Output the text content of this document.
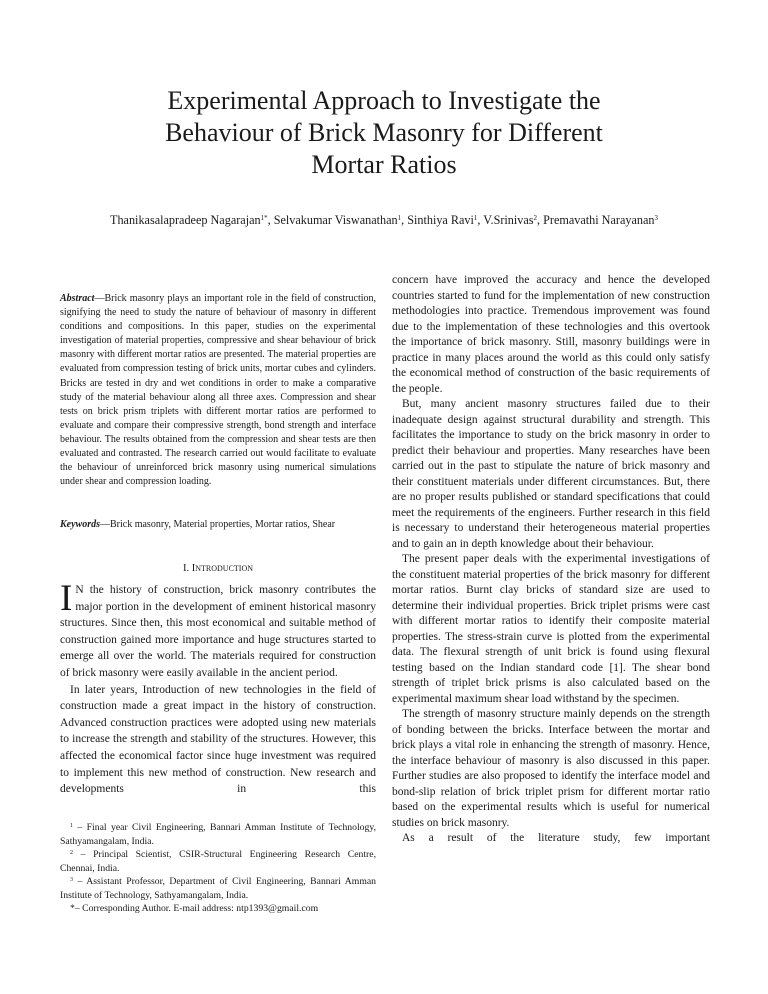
Experimental Approach to Investigate the
Behaviour of Brick Masonry for Different
Mortar Ratios
Thanikasalapradeep Nagarajan$^{1*}$, Selvakumar Viswanathan$^1$, Sinthiya Ravi$^1$, V.Srinivas$^2$, Premavathi Narayanan$^3$
Abstract—Brick masonry plays an important role in the field of construction, signifying the need to study the nature of behaviour of masonry in different conditions and compositions. In this paper, studies on the experimental investigation of material properties, compressive and shear behaviour of brick masonry with different mortar ratios are presented. The material properties are evaluated from compression testing of brick units, mortar cubes and cylinders. Bricks are tested in dry and wet conditions in order to make a comparative study of the material behaviour along all three axes. Compression and shear tests on brick prism triplets with different mortar ratios are performed to evaluate and compare their compressive strength, bond strength and interface behaviour. The results obtained from the compression and shear tests are then evaluated and contrasted. The research carried out would facilitate to evaluate the behaviour of unreinforced brick masonry using numerical simulations under shear and compression loading.
Keywords—Brick masonry, Material properties, Mortar ratios, Shear
I. INTRODUCTION

I N the history of construction, brick masonry contributes the major portion in the development of eminent historical masonry structures. Since then, this most economical and suitable method of construction gained more importance and huge structures started to emerge all over the world. The materials required for construction of brick masonry were easily available in the ancient period.

In later years, Introduction of new technologies in the field of construction made a great impact in the history of construction. Advanced construction practices were adopted using new materials to increase the strength and stability of the structures. However, this affected the economical factor since huge investment was required to implement this new method of construction. New research and developments in this

$^1$ – Final year Civil Engineering, Bannari Amman Institute of Technology, Sathyamangalam, India.

$^2$ – Principal Scientist, CSIR-Structural Engineering Research Centre, Chennai, India.

$^3$ – Assistant Professor, Department of Civil Engineering, Bannari Amman Institute of Technology, Sathyamangalam, India.

*– Corresponding Author. E-mail address: ntp1393@gmail.com

concern have improved the accuracy and hence the developed countries started to fund for the implementation of new construction methodologies into practice. Tremendous improvement was found due to the implementation of these technologies and this overtook the importance of brick masonry. Still, masonry buildings were in practice in many places around the world as this could only satisfy the economical method of construction of the basic requirements of the people.

But, many ancient masonry structures failed due to their inadequate design against structural durability and strength. This facilitates the importance to study on the brick masonry in order to predict their behaviour and properties. Many researches have been carried out in the past to stipulate the nature of brick masonry and their constituent materials under different circumstances. But, there are no proper results published or standard specifications that could meet the requirements of the engineers. Further research in this field is necessary to understand their heterogeneous material properties and to gain an in depth knowledge about their behaviour.

The present paper deals with the experimental investigations of the constituent material properties of the brick masonry for different mortar ratios. Burnt clay bricks of standard size are used to determine their individual properties. Brick triplet prisms were cast with different mortar ratios to identify their composite material properties. The stress-strain curve is plotted from the experimental data. The flexural strength of unit brick is found using flexural testing based on the Indian standard code [1]. The shear bond strength of triplet brick prisms is also calculated based on the experimental maximum shear load withstand by the specimen.

The strength of masonry structure mainly depends on the strength of bonding between the bricks. Interface between the mortar and brick plays a vital role in enhancing the strength of masonry. Hence, the interface behaviour of masonry is also discussed in this paper. Further studies are also proposed to identify the interface model and bond-slip relation of brick triplet prism for different mortar ratio based on the experimental results which is useful for numerical studies on brick masonry.

As a result of the literature study, few important
